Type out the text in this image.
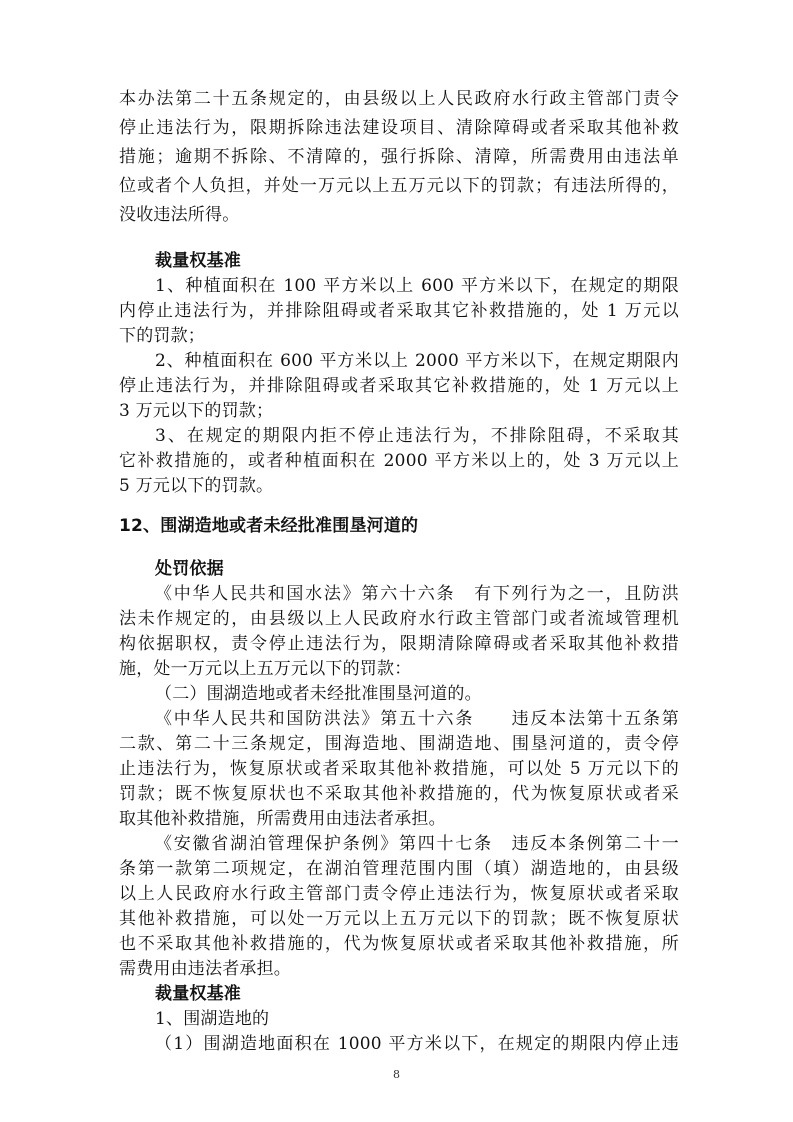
本办法第二十五条规定的，由县级以上人民政府水行政主管部门责令
停止违法行为，限期拆除违法建设项目、清除障碍或者采取其他补救
措施；逾期不拆除、不清障的，强行拆除、清障，所需费用由违法单
位或者个人负担，并处一万元以上五万元以下的罚款；有违法所得的，
没收违法所得。
裁量权基准
1、种植面积在 100 平方米以上 600 平方米以下，在规定的期限
内停止违法行为，并排除阻碍或者采取其它补救措施的，处 1 万元以
下的罚款；
2、种植面积在 600 平方米以上 2000 平方米以下，在规定期限内
停止违法行为，并排除阻碍或者采取其它补救措施的，处 1 万元以上
3 万元以下的罚款；
3、在规定的期限内拒不停止违法行为，不排除阻碍，不采取其
它补救措施的，或者种植面积在 2000 平方米以上的，处 3 万元以上
5 万元以下的罚款。
12、围湖造地或者未经批准围垦河道的
处罚依据
《中华人民共和国水法》第六十六条　有下列行为之一，且防洪
法未作规定的，由县级以上人民政府水行政主管部门或者流域管理机
构依据职权，责令停止违法行为，限期清除障碍或者采取其他补救措
施，处一万元以上五万元以下的罚款：
（二）围湖造地或者未经批准围垦河道的。
《中华人民共和国防洪法》第五十六条　　违反本法第十五条第
二款、第二十三条规定，围海造地、围湖造地、围垦河道的，责令停
止违法行为，恢复原状或者采取其他补救措施，可以处 5 万元以下的
罚款；既不恢复原状也不采取其他补救措施的，代为恢复原状或者采
取其他补救措施，所需费用由违法者承担。
《安徽省湖泊管理保护条例》第四十七条　违反本条例第二十一
条第一款第二项规定，在湖泊管理范围内围（填）湖造地的，由县级
以上人民政府水行政主管部门责令停止违法行为，恢复原状或者采取
其他补救措施，可以处一万元以上五万元以下的罚款；既不恢复原状
也不采取其他补救措施的，代为恢复原状或者采取其他补救措施，所
需费用由违法者承担。
裁量权基准
1、围湖造地的
（1）围湖造地面积在 1000 平方米以下，在规定的期限内停止违
8
